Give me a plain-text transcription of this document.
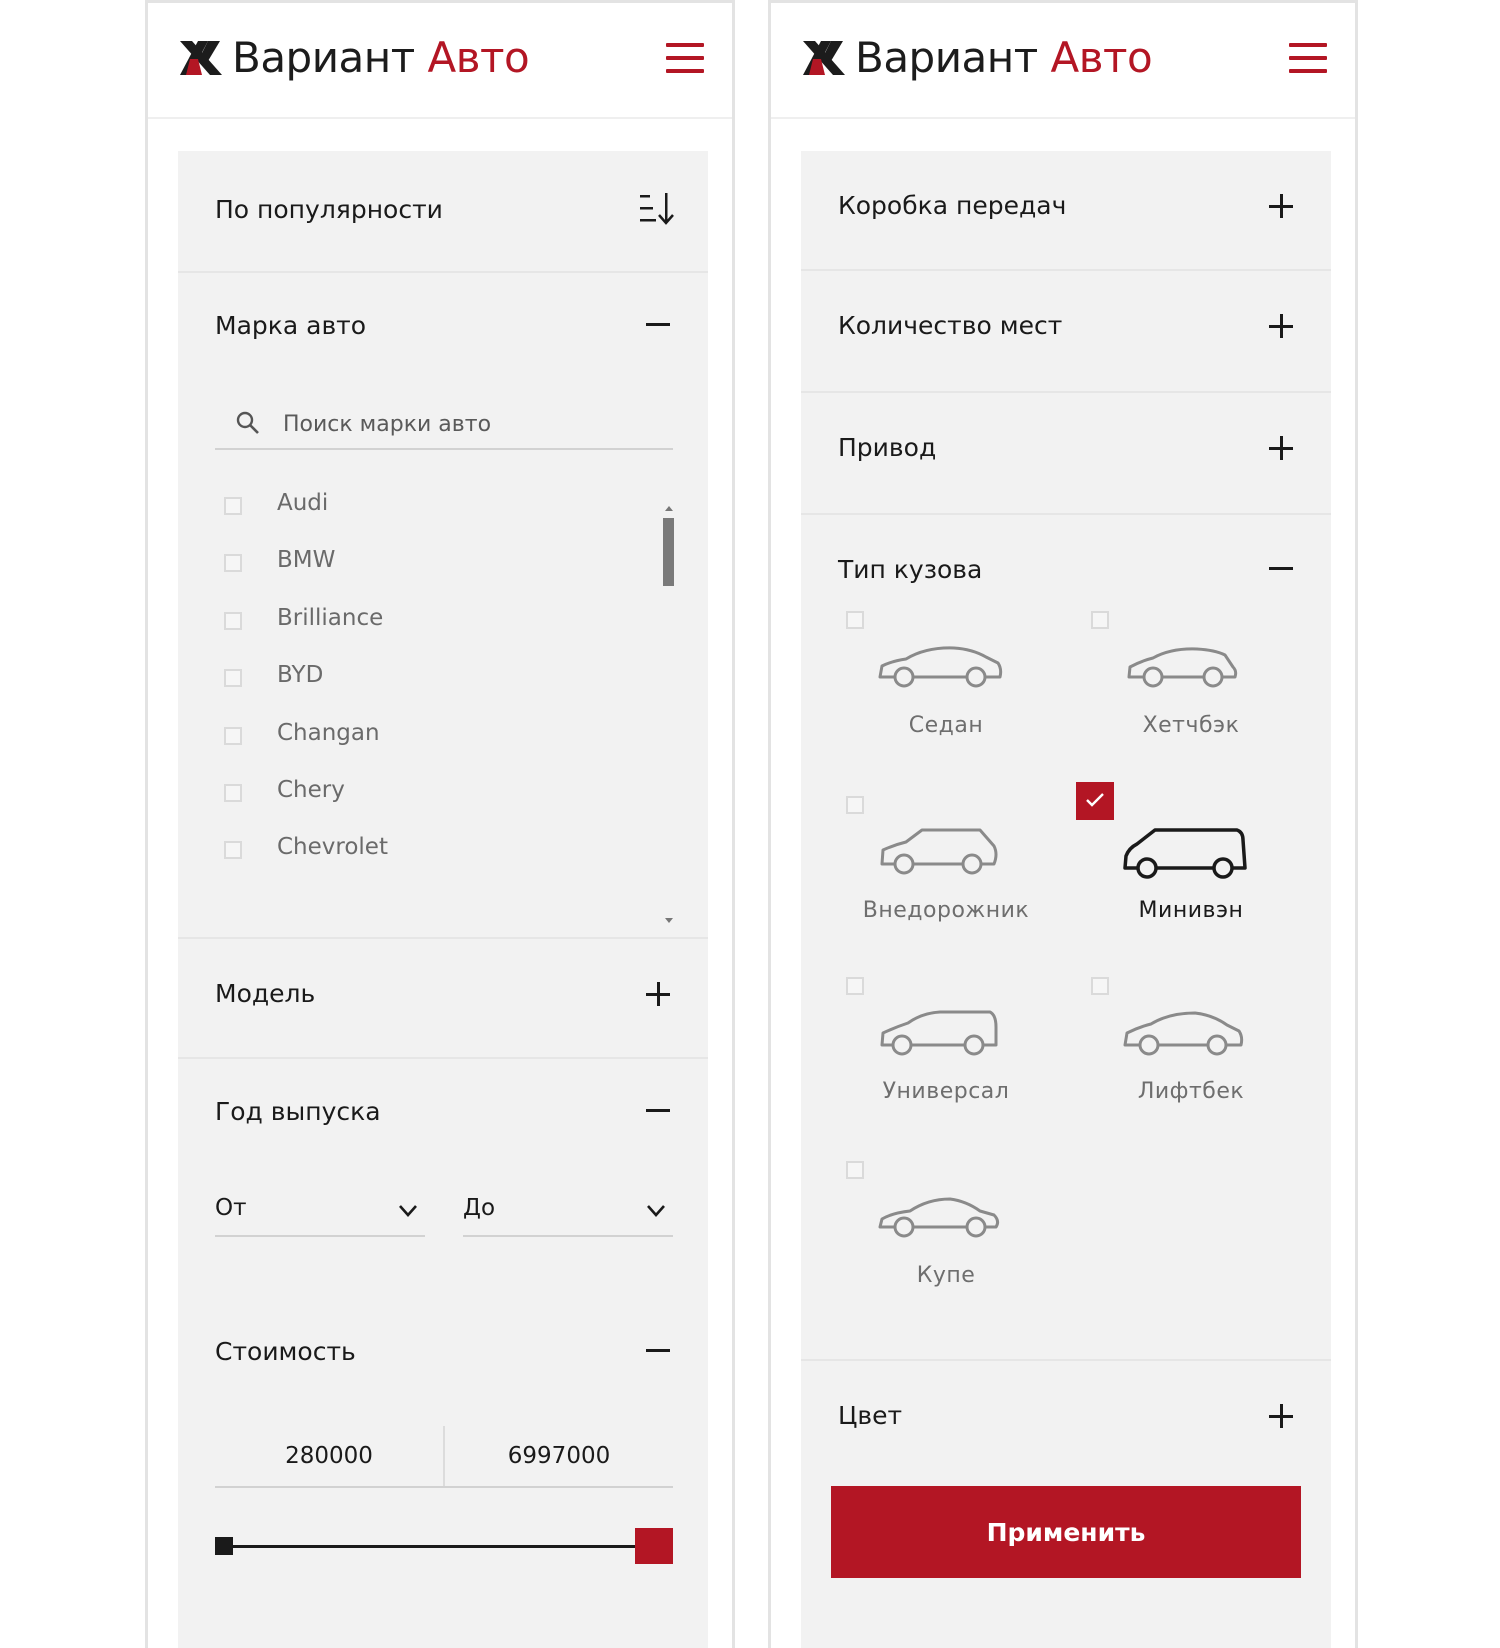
Вариант Авто
По популярности
Марка авто
Поиск марки авто
Audi
BMW
Brilliance
BYD
Changan
Chery
Chevrolet
Модель
Год выпуска
От	До
Стоимость
280000	6997000
Вариант Авто
Коробка передач
Количество мест
Привод
Тип кузова
Седан	Хетчбэк
Внедорожник	Минивэн
Универсал	Лифтбек
Купе
Цвет
Применить
